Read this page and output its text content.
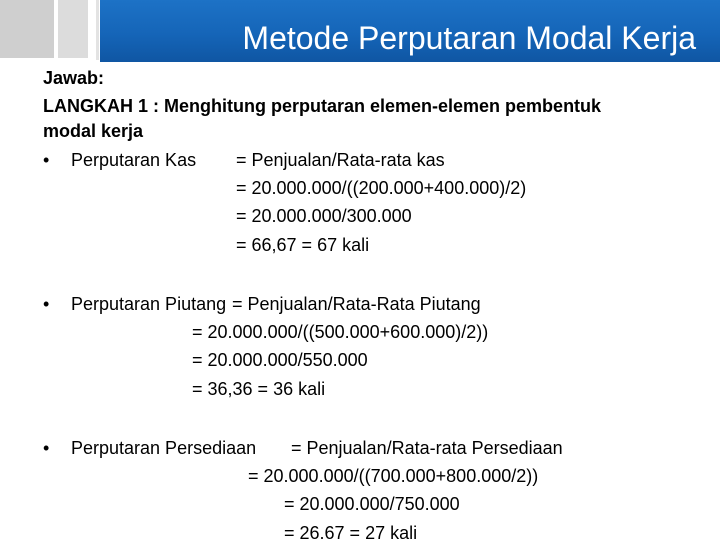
Metode Perputaran Modal Kerja
Jawab:
LANGKAH 1 : Menghitung perputaran elemen-elemen pembentuk
modal kerja
• Perputaran Kas = Penjualan/Rata-rata kas
= 20.000.000/((200.000+400.000)/2)
= 20.000.000/300.000
= 66,67 = 67 kali
• Perputaran Piutang = Penjualan/Rata-Rata Piutang
= 20.000.000/((500.000+600.000)/2))
= 20.000.000/550.000
= 36,36 = 36 kali
• Perputaran Persediaan = Penjualan/Rata-rata Persediaan
= 20.000.000/((700.000+800.000/2))
= 20.000.000/750.000
= 26.67 = 27 kali
